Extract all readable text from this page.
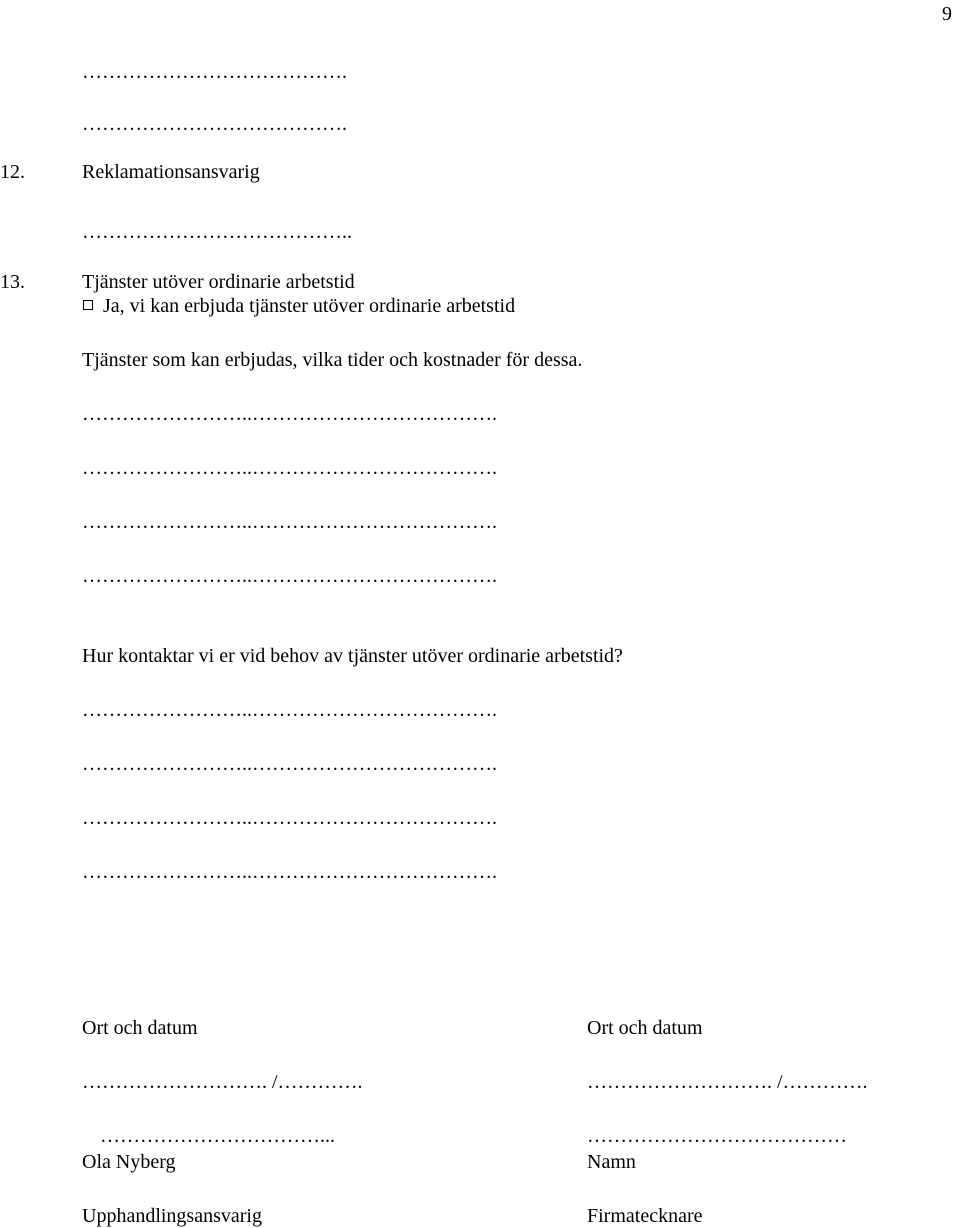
9
………………………………….
………………………………….
12.	Reklamationsansvarig
…………………………………..
13.	Tjänster utöver ordinarie arbetstid
Ja, vi kan erbjuda tjänster utöver ordinarie arbetstid
Tjänster som kan erbjudas, vilka tider och kostnader för dessa.
……………………..……………………………….
……………………..……………………………….
……………………..……………………………….
……………………..……………………………….
Hur kontaktar vi er vid behov av tjänster utöver ordinarie arbetstid?
……………………..……………………………….
……………………..……………………………….
……………………..……………………………….
……………………..……………………………….
Ort och datum
………………………. /………….
……………………………...
Ola Nyberg
Upphandlingsansvarig
Ort och datum
………………………. /………….
…………………………………
Namn
Firmatecknare
